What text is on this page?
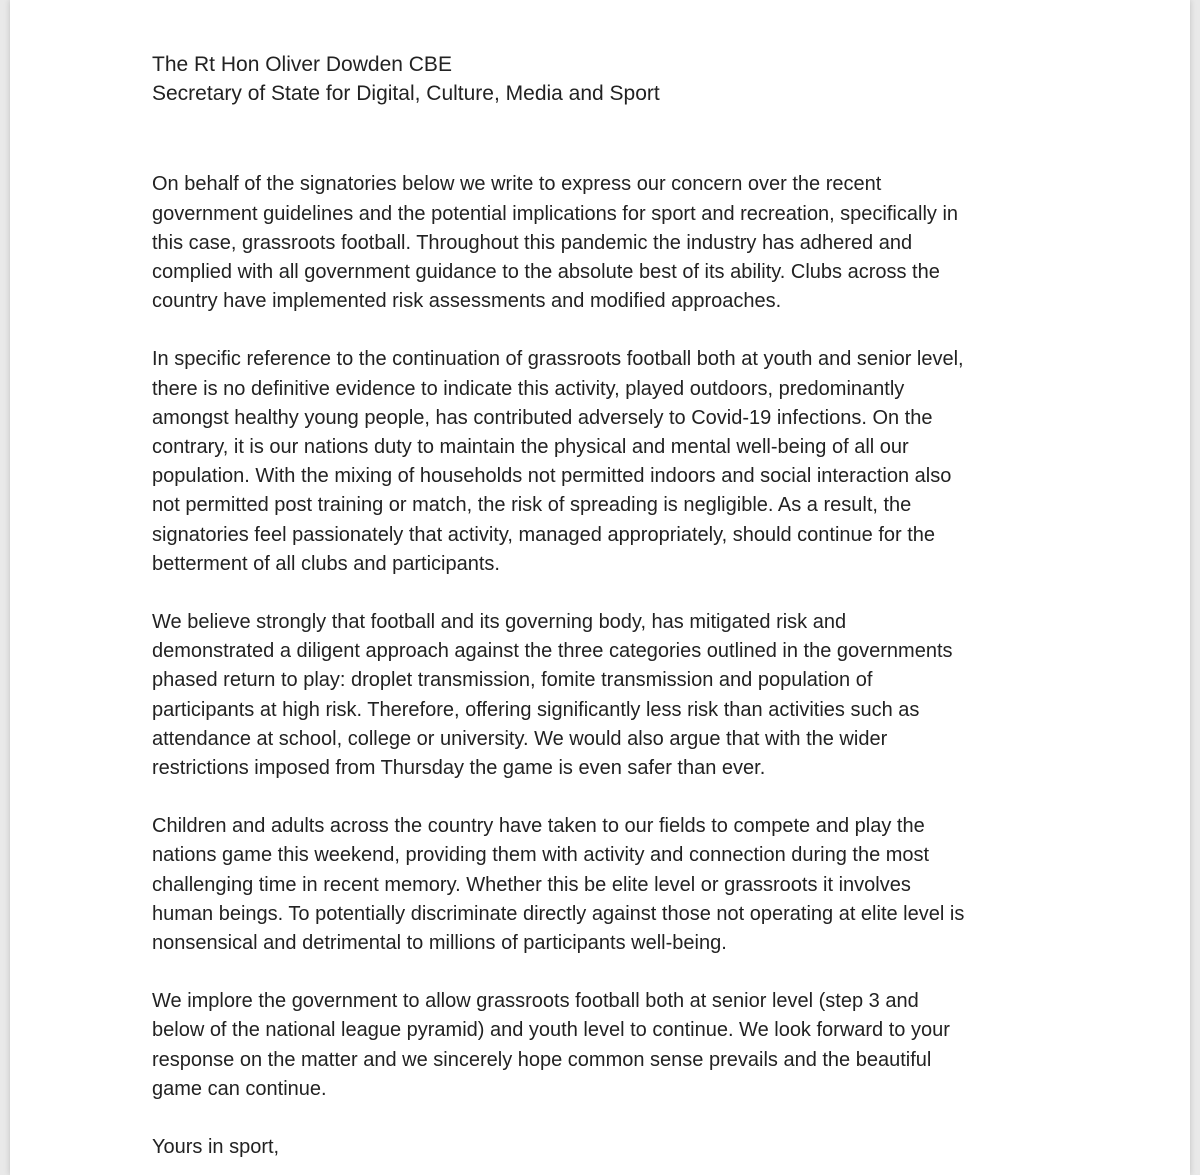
The Rt Hon Oliver Dowden CBE
Secretary of State for Digital, Culture, Media and Sport
On behalf of the signatories below we write to express our concern over the recent
government guidelines and the potential implications for sport and recreation, specifically in
this case, grassroots football. Throughout this pandemic the industry has adhered and
complied with all government guidance to the absolute best of its ability. Clubs across the
country have implemented risk assessments and modified approaches.
In specific reference to the continuation of grassroots football both at youth and senior level,
there is no definitive evidence to indicate this activity, played outdoors, predominantly
amongst healthy young people, has contributed adversely to Covid-19 infections. On the
contrary, it is our nations duty to maintain the physical and mental well-being of all our
population. With the mixing of households not permitted indoors and social interaction also
not permitted post training or match, the risk of spreading is negligible. As a result, the
signatories feel passionately that activity, managed appropriately, should continue for the
betterment of all clubs and participants.
We believe strongly that football and its governing body, has mitigated risk and
demonstrated a diligent approach against the three categories outlined in the governments
phased return to play: droplet transmission, fomite transmission and population of
participants at high risk. Therefore, offering significantly less risk than activities such as
attendance at school, college or university. We would also argue that with the wider
restrictions imposed from Thursday the game is even safer than ever.
Children and adults across the country have taken to our fields to compete and play the
nations game this weekend, providing them with activity and connection during the most
challenging time in recent memory. Whether this be elite level or grassroots it involves
human beings. To potentially discriminate directly against those not operating at elite level is
nonsensical and detrimental to millions of participants well-being.
We implore the government to allow grassroots football both at senior level (step 3 and
below of the national league pyramid) and youth level to continue. We look forward to your
response on the matter and we sincerely hope common sense prevails and the beautiful
game can continue.
Yours in sport,
